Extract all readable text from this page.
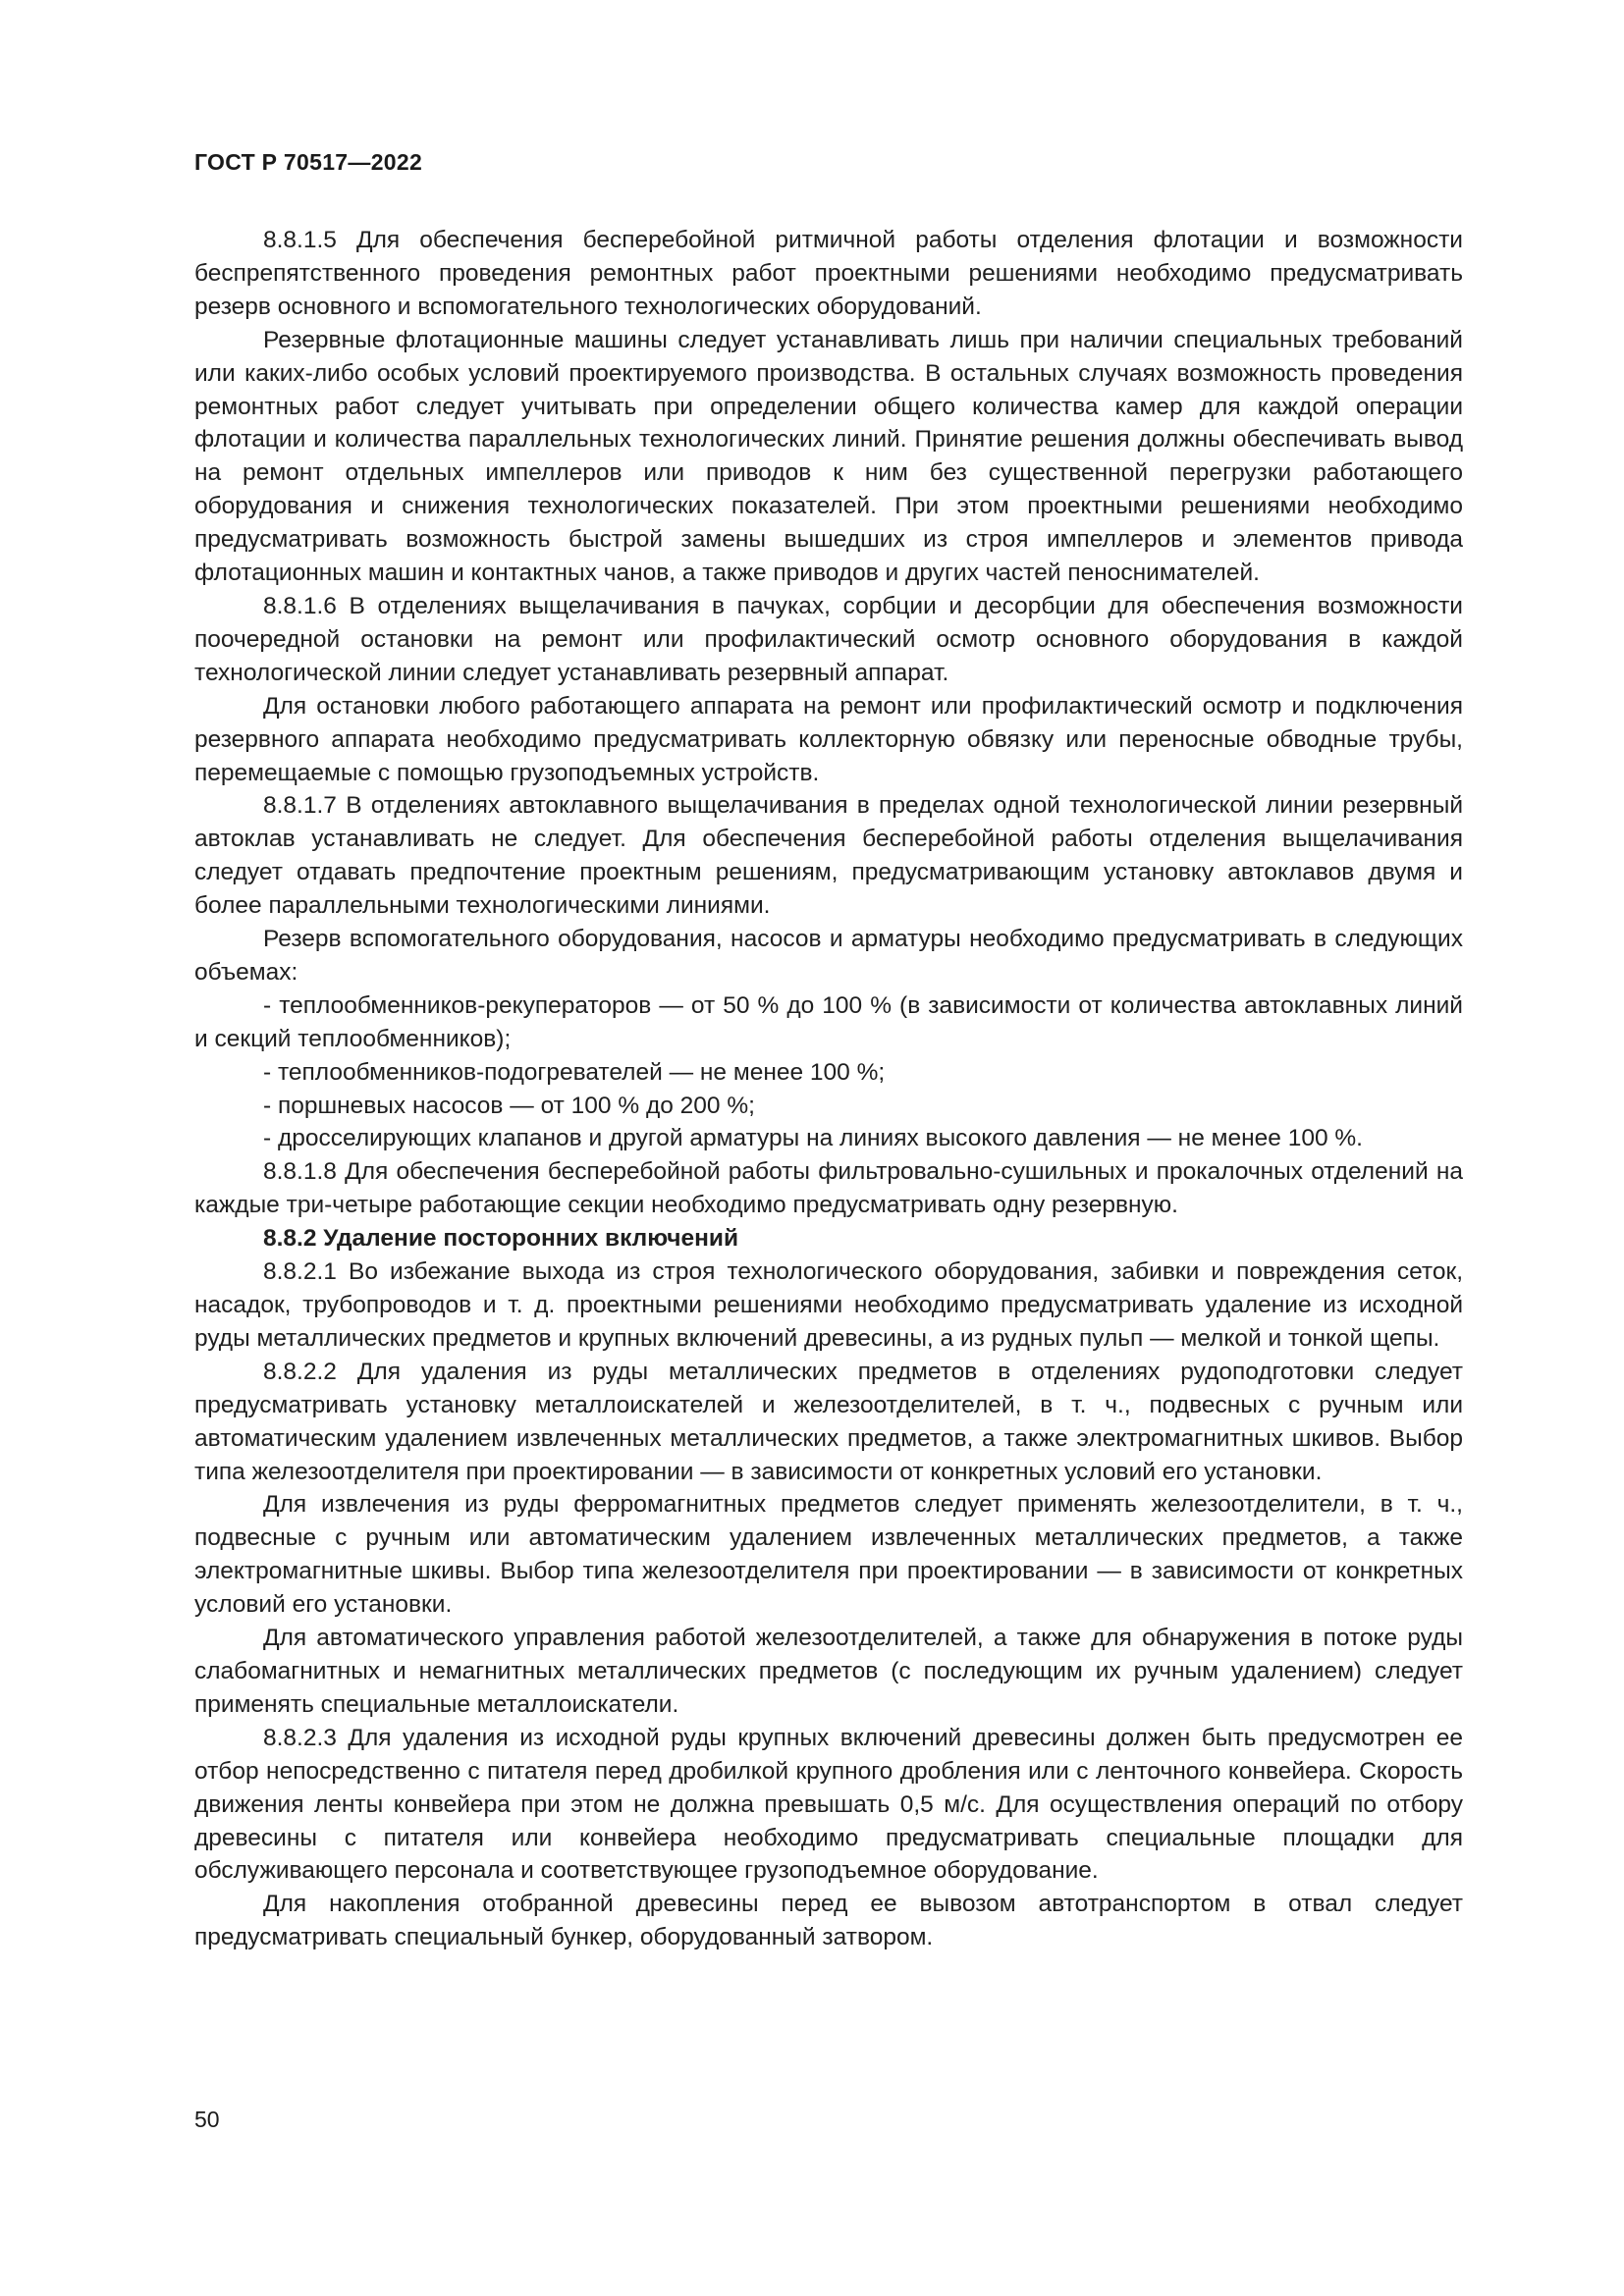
ГОСТ Р 70517—2022

8.8.1.5 Для обеспечения бесперебойной ритмичной работы отделения флотации и возможности беспрепятственного проведения ремонтных работ проектными решениями необходимо предусматривать резерв основного и вспомогательного технологических оборудований.

Резервные флотационные машины следует устанавливать лишь при наличии специальных требований или каких-либо особых условий проектируемого производства. В остальных случаях возможность проведения ремонтных работ следует учитывать при определении общего количества камер для каждой операции флотации и количества параллельных технологических линий. Принятие решения должны обеспечивать вывод на ремонт отдельных импеллеров или приводов к ним без существенной перегрузки работающего оборудования и снижения технологических показателей. При этом проектными решениями необходимо предусматривать возможность быстрой замены вышедших из строя импеллеров и элементов привода флотационных машин и контактных чанов, а также приводов и других частей пеноснимателей.

8.8.1.6 В отделениях выщелачивания в пачуках, сорбции и десорбции для обеспечения возможности поочередной остановки на ремонт или профилактический осмотр основного оборудования в каждой технологической линии следует устанавливать резервный аппарат.

Для остановки любого работающего аппарата на ремонт или профилактический осмотр и подключения резервного аппарата необходимо предусматривать коллекторную обвязку или переносные обводные трубы, перемещаемые с помощью грузоподъемных устройств.

8.8.1.7 В отделениях автоклавного выщелачивания в пределах одной технологической линии резервный автоклав устанавливать не следует. Для обеспечения бесперебойной работы отделения выщелачивания следует отдавать предпочтение проектным решениям, предусматривающим установку автоклавов двумя и более параллельными технологическими линиями.

Резерв вспомогательного оборудования, насосов и арматуры необходимо предусматривать в следующих объемах:

- теплообменников-рекуператоров — от 50 % до 100 % (в зависимости от количества автоклавных линий и секций теплообменников);

- теплообменников-подогревателей — не менее 100 %;

- поршневых насосов — от 100 % до 200 %;

- дросселирующих клапанов и другой арматуры на линиях высокого давления — не менее 100 %.

8.8.1.8 Для обеспечения бесперебойной работы фильтровально-сушильных и прокалочных отделений на каждые три-четыре работающие секции необходимо предусматривать одну резервную.

8.8.2 Удаление посторонних включений

8.8.2.1 Во избежание выхода из строя технологического оборудования, забивки и повреждения сеток, насадок, трубопроводов и т. д. проектными решениями необходимо предусматривать удаление из исходной руды металлических предметов и крупных включений древесины, а из рудных пульп — мелкой и тонкой щепы.

8.8.2.2 Для удаления из руды металлических предметов в отделениях рудоподготовки следует предусматривать установку металлоискателей и железоотделителей, в т. ч., подвесных с ручным или автоматическим удалением извлеченных металлических предметов, а также электромагнитных шкивов. Выбор типа железоотделителя при проектировании — в зависимости от конкретных условий его установки.

Для извлечения из руды ферромагнитных предметов следует применять железоотделители, в т. ч., подвесные с ручным или автоматическим удалением извлеченных металлических предметов, а также электромагнитные шкивы. Выбор типа железоотделителя при проектировании — в зависимости от конкретных условий его установки.

Для автоматического управления работой железоотделителей, а также для обнаружения в потоке руды слабомагнитных и немагнитных металлических предметов (с последующим их ручным удалением) следует применять специальные металлоискатели.

8.8.2.3 Для удаления из исходной руды крупных включений древесины должен быть предусмотрен ее отбор непосредственно с питателя перед дробилкой крупного дробления или с ленточного конвейера. Скорость движения ленты конвейера при этом не должна превышать 0,5 м/с. Для осуществления операций по отбору древесины с питателя или конвейера необходимо предусматривать специальные площадки для обслуживающего персонала и соответствующее грузоподъемное оборудование.

Для накопления отобранной древесины перед ее вывозом автотранспортом в отвал следует предусматривать специальный бункер, оборудованный затвором.

50
